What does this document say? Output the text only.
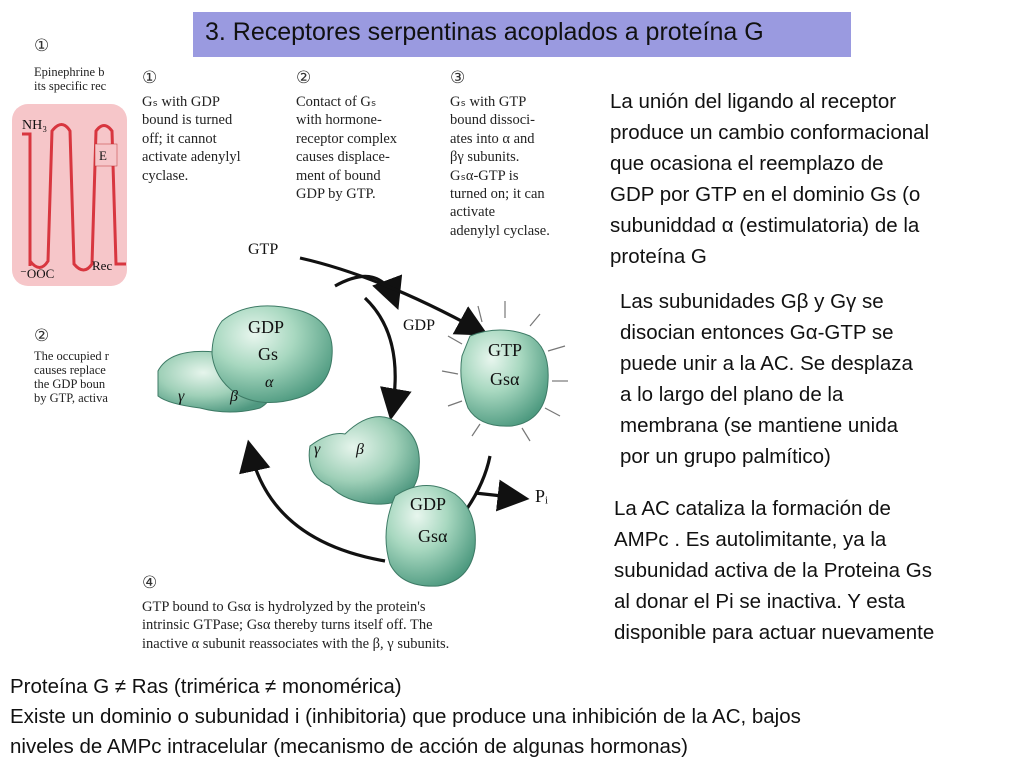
3. Receptores serpentinas acoplados a proteína G
①
Epinephrine b
its specific rec
NH₃
E
Rec
⁻OOC
②
The occupied r
causes replace
the GDP boun
by GTP, activa
①
Gₛ with GDP
bound is turned
off; it cannot
activate adenylyl
cyclase.
②
Contact of Gₛ
with hormone-
receptor complex
causes displace-
ment of bound
GDP by GTP.
③
Gₛ with GTP
bound dissoci-
ates into α and
βγ subunits.
Gₛα-GTP is
turned on; it can
activate
adenylyl cyclase.
GTP
GDP
GDP
Gs
α
γ	β
GTP
Gsα
γ β
Pᵢ
GDP
Gsα
④
GTP bound to Gsα is hydrolyzed by the protein's
intrinsic GTPase; Gsα thereby turns itself off. The
inactive α subunit reassociates with the β, γ subunits.
La unión del ligando al receptor
produce un cambio conformacional
que ocasiona el reemplazo de
GDP por GTP en el dominio Gs (o
subuniddad α (estimulatoria) de la
proteína G
Las subunidades Gβ y Gγ se
disocian entonces Gα-GTP se
puede unir a la AC. Se desplaza
a lo largo del plano de la
membrana (se mantiene unida
por un grupo palmítico)
La AC cataliza la formación de
AMPc . Es autolimitante, ya la
subunidad activa de la Proteina Gs
al donar el Pi se inactiva. Y esta
disponible para actuar nuevamente
Proteína G ≠ Ras (trimérica ≠ monomérica)
Existe un dominio o subunidad i (inhibitoria) que produce una inhibición de la AC, bajos
niveles de AMPc intracelular (mecanismo de acción de algunas hormonas)
